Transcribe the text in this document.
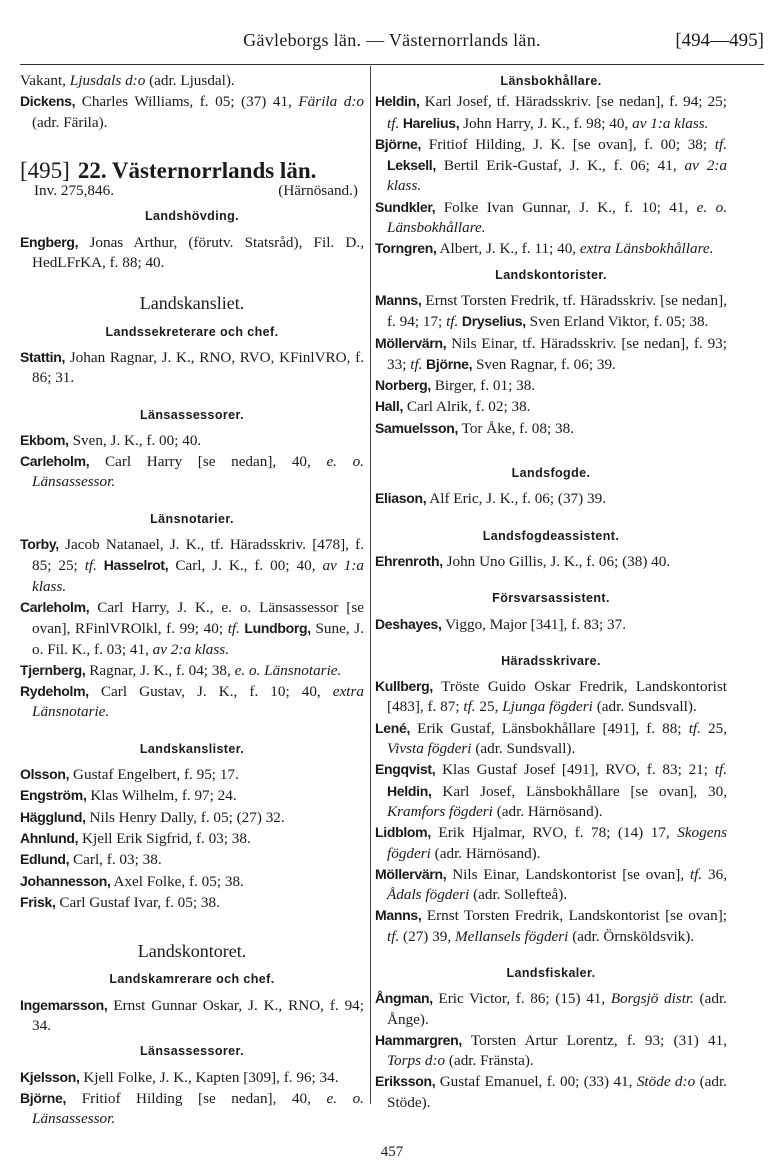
Gävleborgs län. — Västernorrlands län.	[494—495]

Vakant, Ljusdals d:o (adr. Ljusdal).

Dickens, Charles Williams, f. 05; (37) 41, Färila d:o (adr. Färila).

[495] 22. Västernorrlands län.
Inv. 275,846.	(Härnösand.)
Landshövding.

Engberg, Jonas Arthur, (förutv. Statsråd), Fil. D., HedLFrKA, f. 88; 40.

Landskansliet.
Landssekreterare och chef.

Stattin, Johan Ragnar, J. K., RNO, RVO, KFinlVRO, f. 86; 31.

Länsassessorer.

Ekbom, Sven, J. K., f. 00; 40.

Carleholm, Carl Harry [se nedan], 40, e. o. Länsassessor.

Länsnotarier.

Torby, Jacob Natanael, J. K., tf. Häradsskriv. [478], f. 85; 25; tf. Hasselrot, Carl, J. K., f. 00; 40, av 1:a klass.

Carleholm, Carl Harry, J. K., e. o. Länsassessor [se ovan], RFinlVROlkl, f. 99; 40; tf. Lundborg, Sune, J. o. Fil. K., f. 03; 41, av 2:a klass.

Tjernberg, Ragnar, J. K., f. 04; 38, e. o. Länsnotarie.

Rydeholm, Carl Gustav, J. K., f. 10; 40, extra Länsnotarie.

Landskanslister.

Olsson, Gustaf Engelbert, f. 95; 17.

Engström, Klas Wilhelm, f. 97; 24.

Hägglund, Nils Henry Dally, f. 05; (27) 32.

Ahnlund, Kjell Erik Sigfrid, f. 03; 38.

Edlund, Carl, f. 03; 38.

Johannesson, Axel Folke, f. 05; 38.

Frisk, Carl Gustaf Ivar, f. 05; 38.

Landskontoret.
Landskamrerare och chef.

Ingemarsson, Ernst Gunnar Oskar, J. K., RNO, f. 94; 34.

Länsassessorer.

Kjelsson, Kjell Folke, J. K., Kapten [309], f. 96; 34.

Björne, Fritiof Hilding [se nedan], 40, e. o. Länsassessor.

Länsbokhållare.

Heldin, Karl Josef, tf. Häradsskriv. [se nedan], f. 94; 25; tf. Harelius, John Harry, J. K., f. 98; 40, av 1:a klass.

Björne, Fritiof Hilding, J. K. [se ovan], f. 00; 38; tf. Leksell, Bertil Erik-Gustaf, J. K., f. 06; 41, av 2:a klass.

Sundkler, Folke Ivan Gunnar, J. K., f. 10; 41, e. o. Länsbokhållare.

Torngren, Albert, J. K., f. 11; 40, extra Länsbokhållare.

Landskontorister.

Manns, Ernst Torsten Fredrik, tf. Häradsskriv. [se nedan], f. 94; 17; tf. Dryselius, Sven Erland Viktor, f. 05; 38.

Möllervärn, Nils Einar, tf. Häradsskriv. [se nedan], f. 93; 33; tf. Björne, Sven Ragnar, f. 06; 39.

Norberg, Birger, f. 01; 38.

Hall, Carl Alrik, f. 02; 38.

Samuelsson, Tor Åke, f. 08; 38.

Landsfogde.

Eliason, Alf Eric, J. K., f. 06; (37) 39.

Landsfogdeassistent.

Ehrenroth, John Uno Gillis, J. K., f. 06; (38) 40.

Försvarsassistent.

Deshayes, Viggo, Major [341], f. 83; 37.

Häradsskrivare.

Kullberg, Tröste Guido Oskar Fredrik, Landskontorist [483], f. 87; tf. 25, Ljunga fögderi (adr. Sundsvall).

Lené, Erik Gustaf, Länsbokhållare [491], f. 88; tf. 25, Vivsta fögderi (adr. Sundsvall).

Engqvist, Klas Gustaf Josef [491], RVO, f. 83; 21; tf. Heldin, Karl Josef, Länsbokhållare [se ovan], 30, Kramfors fögderi (adr. Härnösand).

Lidblom, Erik Hjalmar, RVO, f. 78; (14) 17, Skogens fögderi (adr. Härnösand).

Möllervärn, Nils Einar, Landskontorist [se ovan], tf. 36, Ådals fögderi (adr. Sollefteå).

Manns, Ernst Torsten Fredrik, Landskontorist [se ovan]; tf. (27) 39, Mellansels fögderi (adr. Örnsköldsvik).

Landsfiskaler.

Ångman, Eric Victor, f. 86; (15) 41, Borgsjö distr. (adr. Ånge).

Hammargren, Torsten Artur Lorentz, f. 93; (31) 41, Torps d:o (adr. Fränsta).

Eriksson, Gustaf Emanuel, f. 00; (33) 41, Stöde d:o (adr. Stöde).

457
